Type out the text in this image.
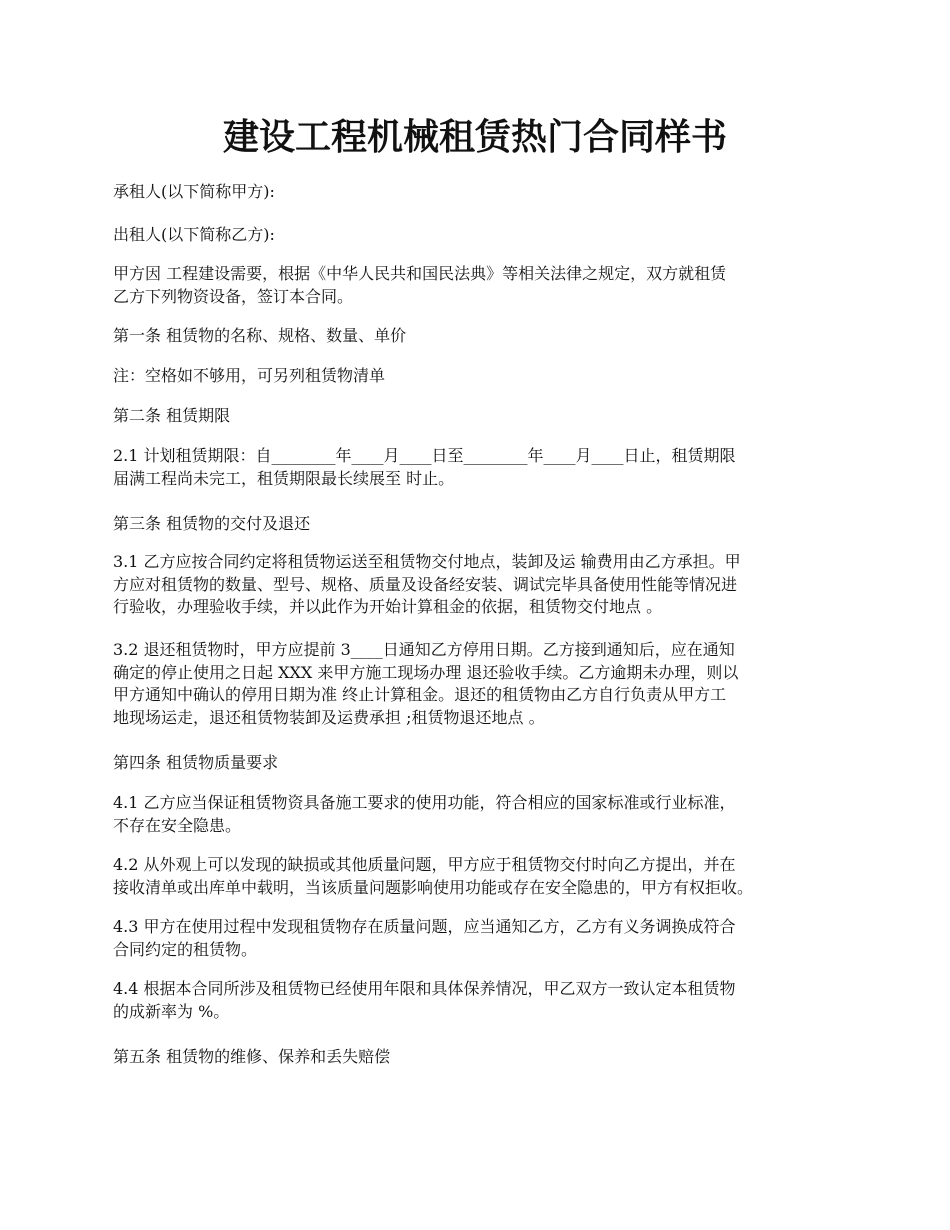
建设工程机械租赁热门合同样书
承租人(以下简称甲方):
出租人(以下简称乙方):
甲方因 工程建设需要，根据《中华人民共和国民法典》等相关法律之规定，双方就租赁
乙方下列物资设备，签订本合同。
第一条 租赁物的名称、规格、数量、单价
注：空格如不够用，可另列租赁物清单
第二条 租赁期限
2.1 计划租赁期限：自________年____月____日至________年____月____日止，租赁期限
届满工程尚未完工，租赁期限最长续展至 时止。
第三条 租赁物的交付及退还
3.1 乙方应按合同约定将租赁物运送至租赁物交付地点，装卸及运 输费用由乙方承担。甲
方应对租赁物的数量、型号、规格、质量及设备经安装、调试完毕具备使用性能等情况进
行验收，办理验收手续，并以此作为开始计算租金的依据，租赁物交付地点 。
3.2 退还租赁物时，甲方应提前 3____日通知乙方停用日期。乙方接到通知后，应在通知
确定的停止使用之日起 XXX 来甲方施工现场办理 退还验收手续。乙方逾期未办理，则以
甲方通知中确认的停用日期为准 终止计算租金。退还的租赁物由乙方自行负责从甲方工
地现场运走，退还租赁物装卸及运费承担 ;租赁物退还地点 。
第四条 租赁物质量要求
4.1 乙方应当保证租赁物资具备施工要求的使用功能，符合相应的国家标准或行业标准，
不存在安全隐患。
4.2 从外观上可以发现的缺损或其他质量问题，甲方应于租赁物交付时向乙方提出，并在
接收清单或出库单中载明，当该质量问题影响使用功能或存在安全隐患的，甲方有权拒收。
4.3 甲方在使用过程中发现租赁物存在质量问题，应当通知乙方，乙方有义务调换成符合
合同约定的租赁物。
4.4 根据本合同所涉及租赁物已经使用年限和具体保养情况，甲乙双方一致认定本租赁物
的成新率为 %。
第五条 租赁物的维修、保养和丢失赔偿
